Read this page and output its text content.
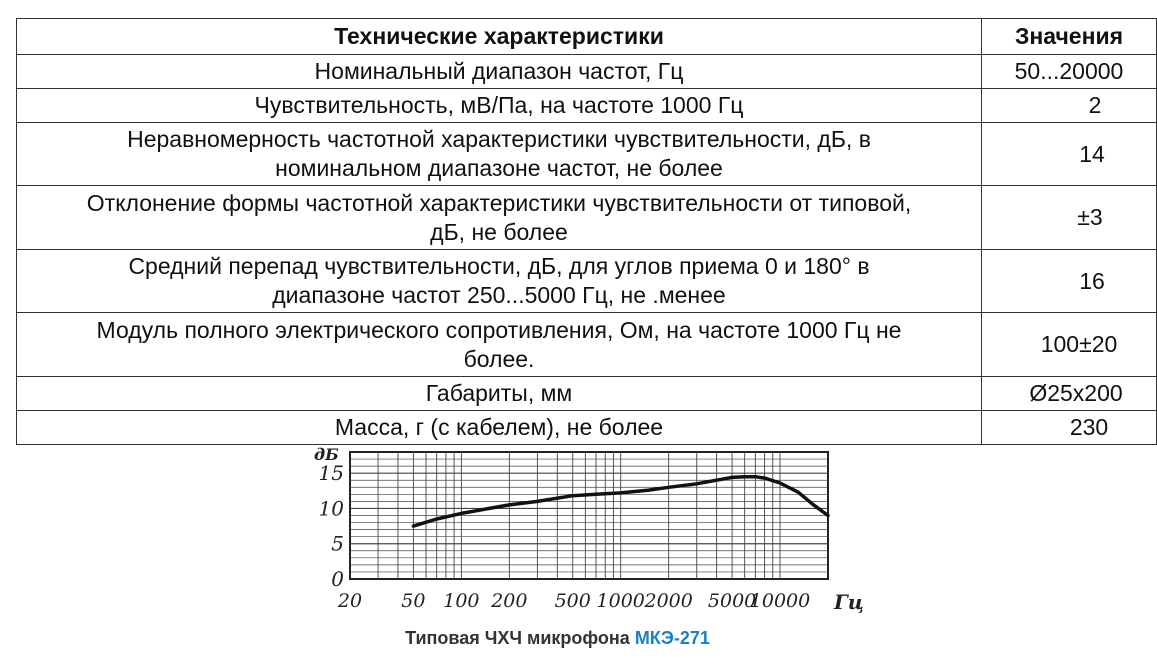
Технические характеристики	Значения
Номинальный диапазон частот, Гц	50...20000
Чувствительность, мВ/Па, на частоте 1000 Гц	2
Неравномерность частотной характеристики чувствительности, дБ, в
номинальном диапазоне частот, не более	14
Отклонение формы частотной характеристики чувствительности от типовой,
дБ, не более	±3
Средний перепад чувствительности, дБ, для углов приема 0 и 180° в
диапазоне частот 250...5000 Гц, не .менее	16
Модуль полного электрического сопротивления, Ом, на частоте 1000 Гц не
более.	100±20
Габариты, мм	Ø25x200
Масса, г (с кабелем), не более	230
0
5
10
15
дБ
20 50 100 200 500 1000 2000 5000
10000 Гц
Типовая ЧХЧ микрофона МКЭ-271
